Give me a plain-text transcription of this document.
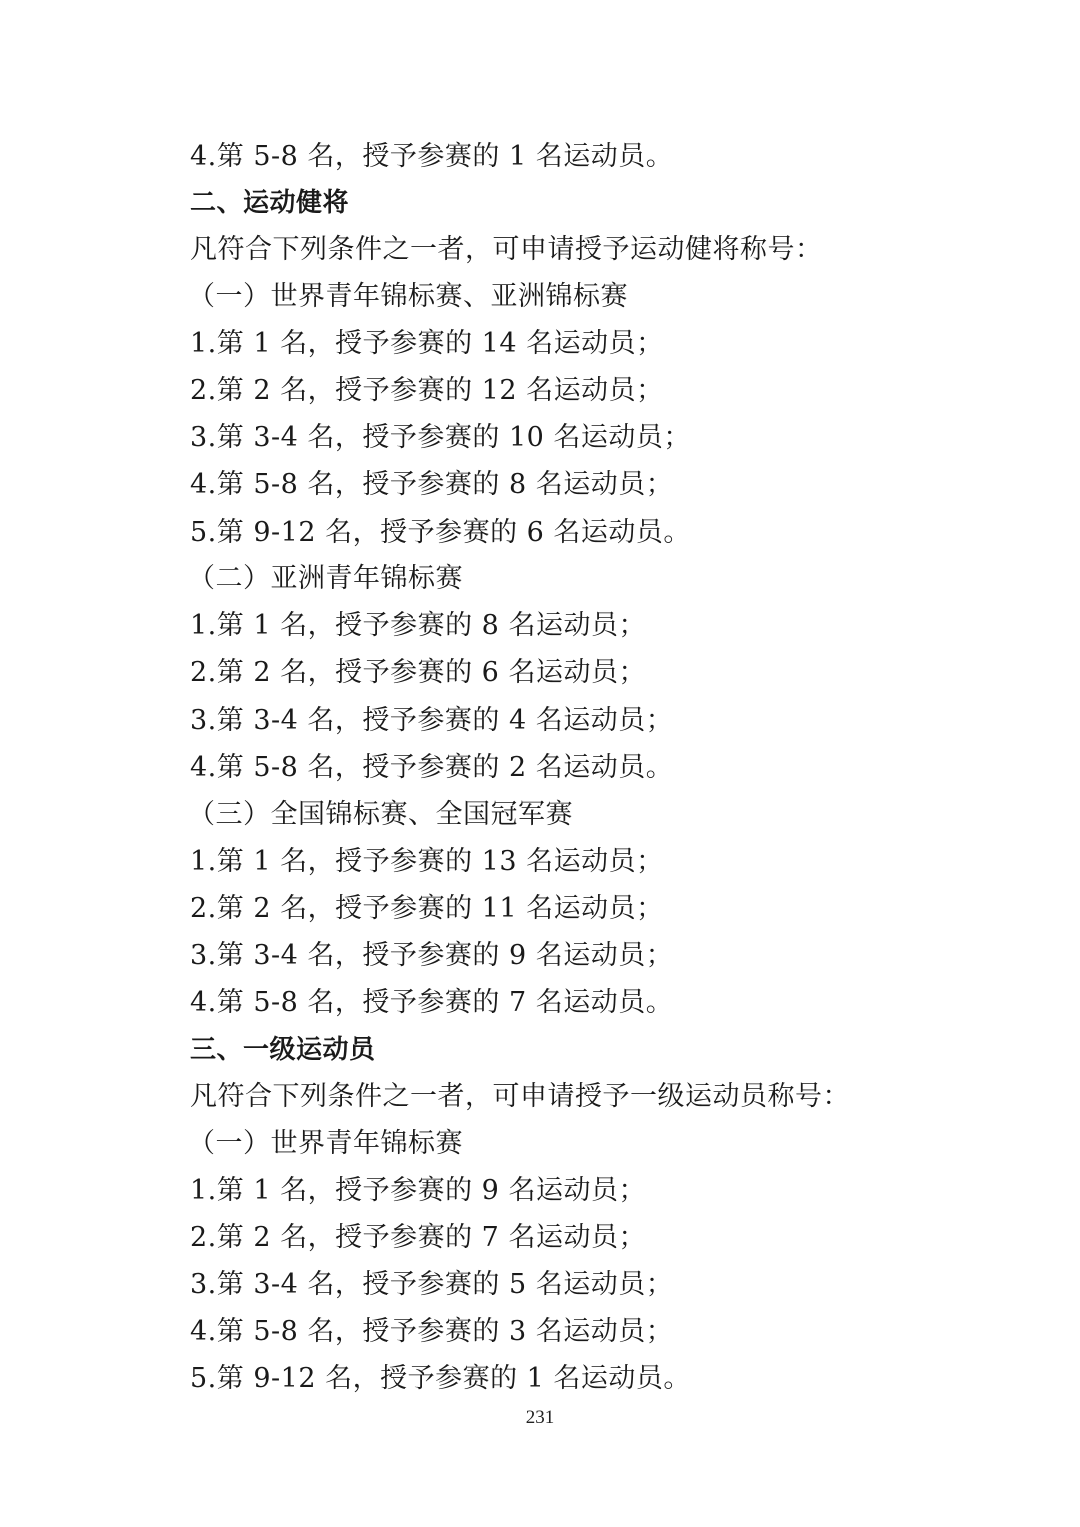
4.第 5-8 名，授予参赛的 1 名运动员。
二、运动健将
凡符合下列条件之一者，可申请授予运动健将称号：
（一）世界青年锦标赛、亚洲锦标赛
1.第 1 名，授予参赛的 14 名运动员；
2.第 2 名，授予参赛的 12 名运动员；
3.第 3-4 名，授予参赛的 10 名运动员；
4.第 5-8 名，授予参赛的 8 名运动员；
5.第 9-12 名，授予参赛的 6 名运动员。
（二）亚洲青年锦标赛
1.第 1 名，授予参赛的 8 名运动员；
2.第 2 名，授予参赛的 6 名运动员；
3.第 3-4 名，授予参赛的 4 名运动员；
4.第 5-8 名，授予参赛的 2 名运动员。
（三）全国锦标赛、全国冠军赛
1.第 1 名，授予参赛的 13 名运动员；
2.第 2 名，授予参赛的 11 名运动员；
3.第 3-4 名，授予参赛的 9 名运动员；
4.第 5-8 名，授予参赛的 7 名运动员。
三、一级运动员
凡符合下列条件之一者，可申请授予一级运动员称号：
（一）世界青年锦标赛
1.第 1 名，授予参赛的 9 名运动员；
2.第 2 名，授予参赛的 7 名运动员；
3.第 3-4 名，授予参赛的 5 名运动员；
4.第 5-8 名，授予参赛的 3 名运动员；
5.第 9-12 名，授予参赛的 1 名运动员。
231
